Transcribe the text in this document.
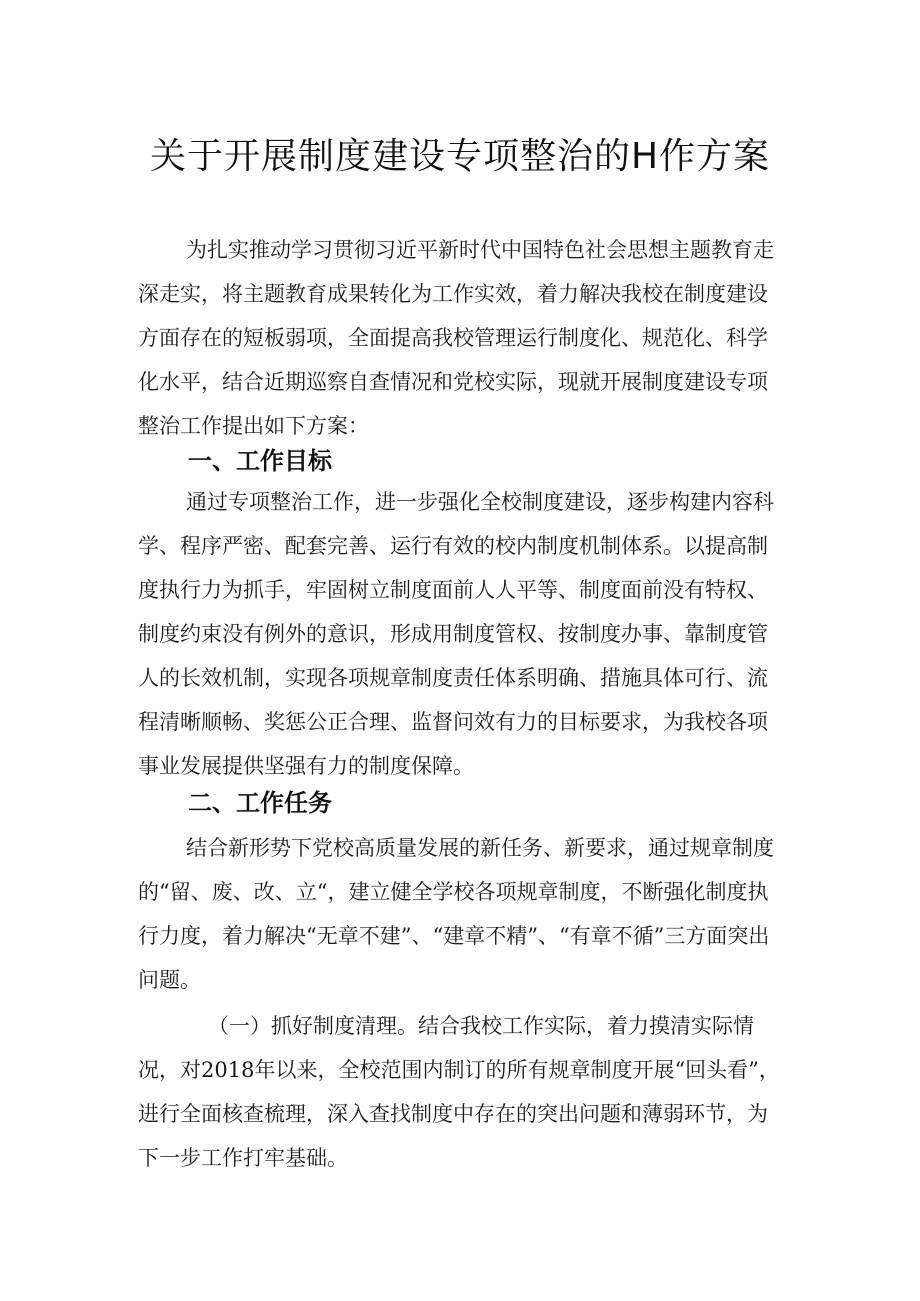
关于开展制度建设专项整治的H作方案

为扎实推动学习贯彻习近平新时代中国特色社会思想主题教育走深走实，将主题教育成果转化为工作实效，着力解决我校在制度建设方面存在的短板弱项，全面提高我校管理运行制度化、规范化、科学化水平，结合近期巡察自查情况和党校实际，现就开展制度建设专项整治工作提出如下方案：

一、工作目标

通过专项整治工作，进一步强化全校制度建设，逐步构建内容科学、程序严密、配套完善、运行有效的校内制度机制体系。以提高制度执行力为抓手，牢固树立制度面前人人平等、制度面前没有特权、制度约束没有例外的意识，形成用制度管权、按制度办事、靠制度管人的长效机制，实现各项规章制度责任体系明确、措施具体可行、流程清晰顺畅、奖惩公正合理、监督问效有力的目标要求，为我校各项事业发展提供坚强有力的制度保障。

二、工作任务

结合新形势下党校高质量发展的新任务、新要求，通过规章制度的“留、废、改、立“，建立健全学校各项规章制度，不断强化制度执行力度，着力解决“无章不建”、“建章不精”、“有章不循”三方面突出问题。

（一）抓好制度清理。结合我校工作实际，着力摸清实际情况，对2018年以来，全校范围内制订的所有规章制度开展“回头看”，进行全面核查梳理，深入查找制度中存在的突出问题和薄弱环节，为下一步工作打牢基础。
